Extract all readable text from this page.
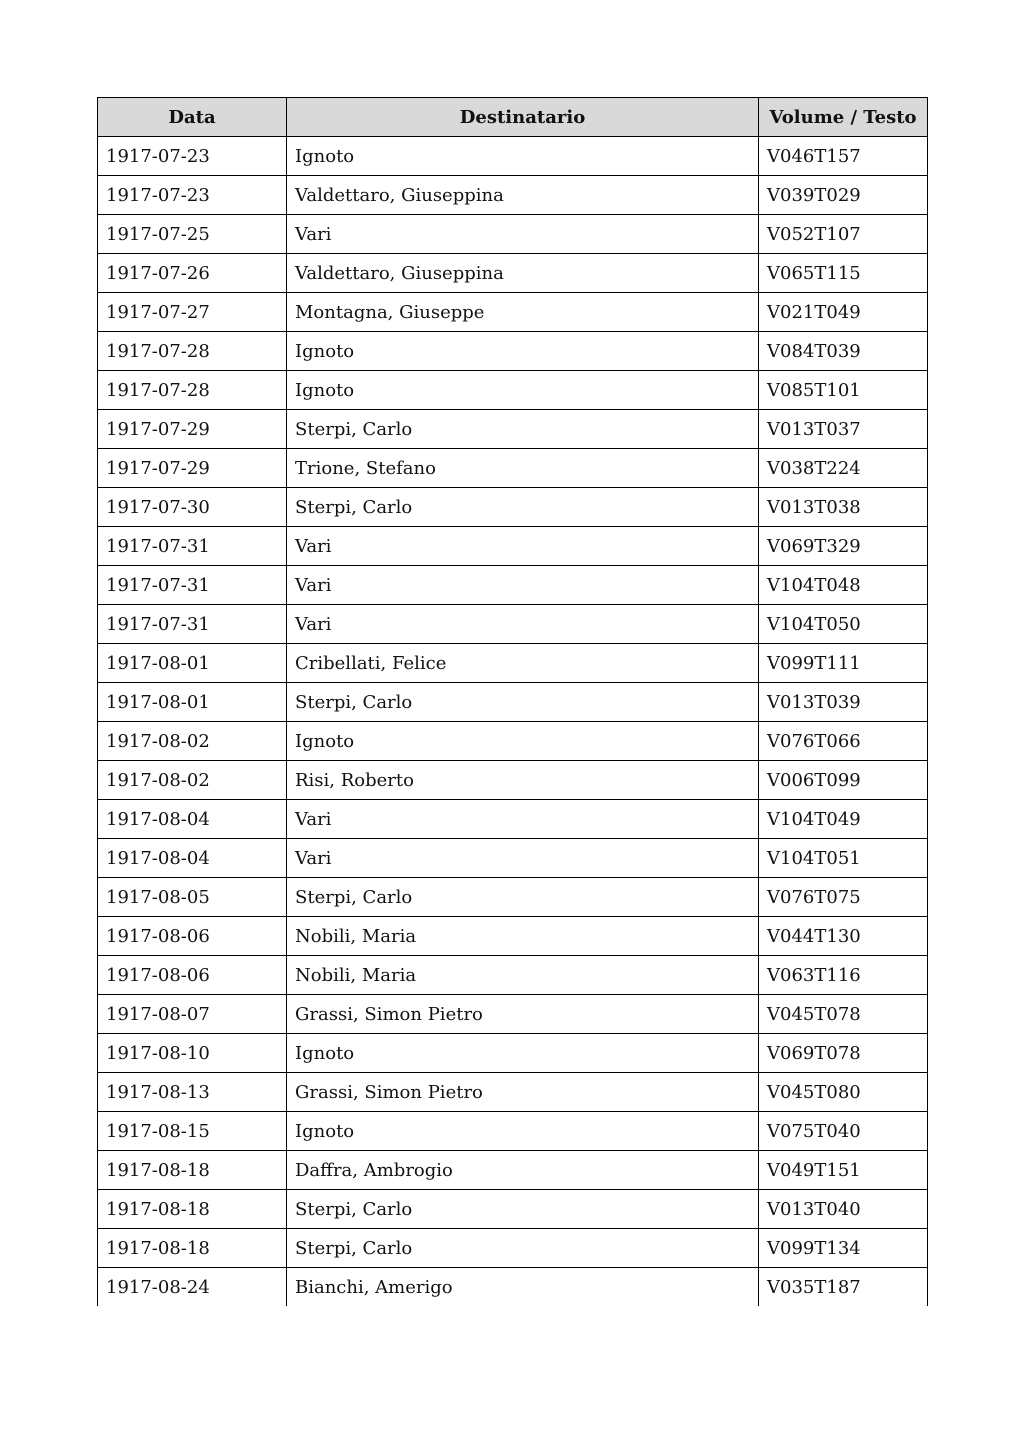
Data	Destinatario	Volume / Testo
1917-07-23	Ignoto	V046T157
1917-07-23	Valdettaro, Giuseppina	V039T029
1917-07-25	Vari	V052T107
1917-07-26	Valdettaro, Giuseppina	V065T115
1917-07-27	Montagna, Giuseppe	V021T049
1917-07-28	Ignoto	V084T039
1917-07-28	Ignoto	V085T101
1917-07-29	Sterpi, Carlo	V013T037
1917-07-29	Trione, Stefano	V038T224
1917-07-30	Sterpi, Carlo	V013T038
1917-07-31	Vari	V069T329
1917-07-31	Vari	V104T048
1917-07-31	Vari	V104T050
1917-08-01	Cribellati, Felice	V099T111
1917-08-01	Sterpi, Carlo	V013T039
1917-08-02	Ignoto	V076T066
1917-08-02	Risi, Roberto	V006T099
1917-08-04	Vari	V104T049
1917-08-04	Vari	V104T051
1917-08-05	Sterpi, Carlo	V076T075
1917-08-06	Nobili, Maria	V044T130
1917-08-06	Nobili, Maria	V063T116
1917-08-07	Grassi, Simon Pietro	V045T078
1917-08-10	Ignoto	V069T078
1917-08-13	Grassi, Simon Pietro	V045T080
1917-08-15	Ignoto	V075T040
1917-08-18	Daffra, Ambrogio	V049T151
1917-08-18	Sterpi, Carlo	V013T040
1917-08-18	Sterpi, Carlo	V099T134
1917-08-24	Bianchi, Amerigo	V035T187
